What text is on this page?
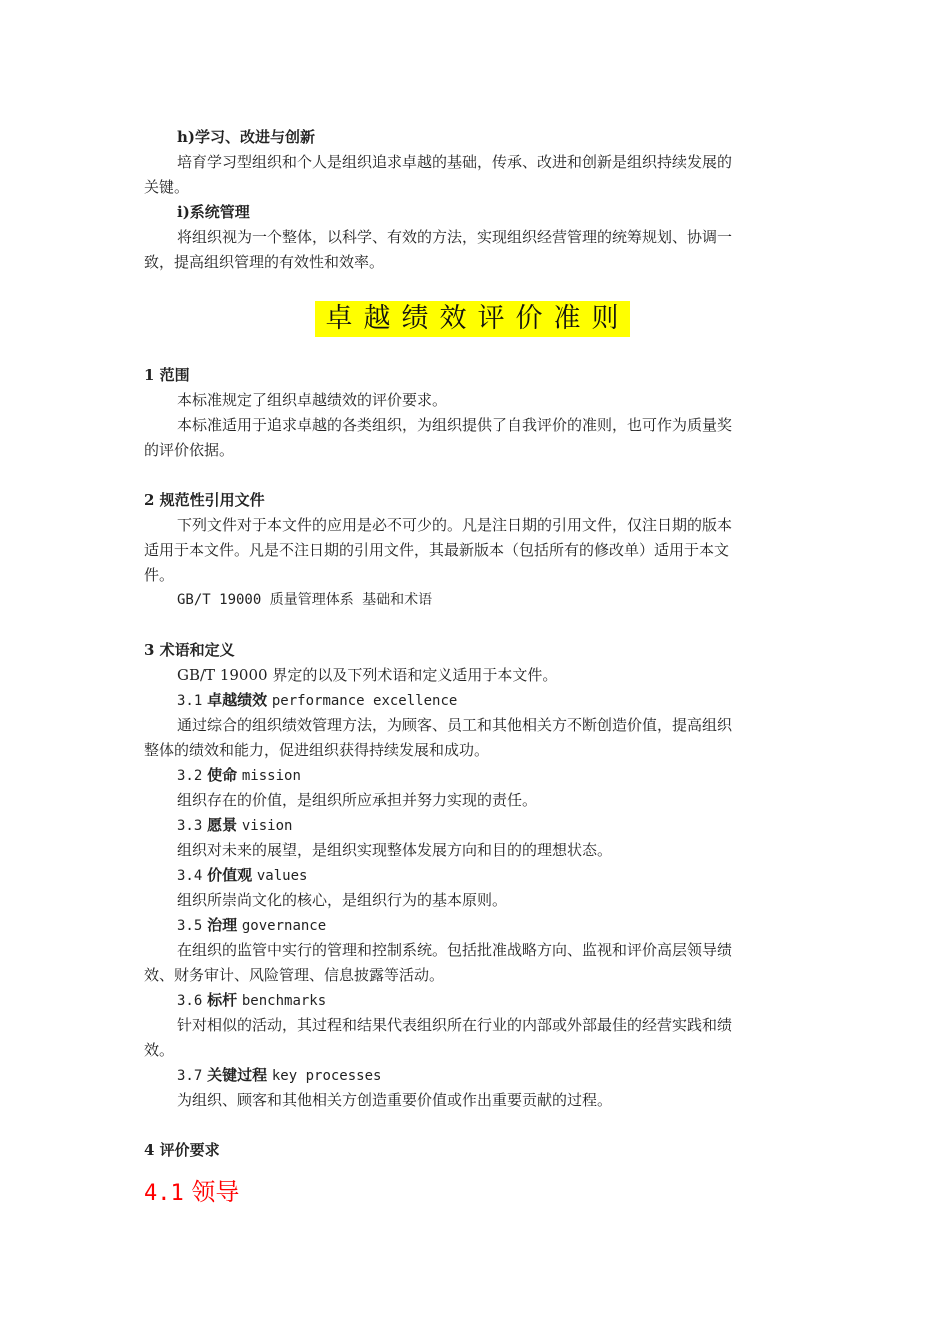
h)学习、改进与创新

培育学习型组织和个人是组织追求卓越的基础，传承、改进和创新是组织持续发展的

关键。

i)系统管理

将组织视为一个整体，以科学、有效的方法，实现组织经营管理的统筹规划、协调一

致，提高组织管理的有效性和效率。

卓越绩效评价准则

1 范围

本标准规定了组织卓越绩效的评价要求。

本标准适用于追求卓越的各类组织，为组织提供了自我评价的准则，也可作为质量奖

的评价依据。

2 规范性引用文件

下列文件对于本文件的应用是必不可少的。凡是注日期的引用文件，仅注日期的版本

适用于本文件。凡是不注日期的引用文件，其最新版本（包括所有的修改单）适用于本文

件。

GB/T 19000 质量管理体系 基础和术语

3 术语和定义

GB/T 19000 界定的以及下列术语和定义适用于本文件。

3.1 卓越绩效 performance excellence

通过综合的组织绩效管理方法，为顾客、员工和其他相关方不断创造价值，提高组织

整体的绩效和能力，促进组织获得持续发展和成功。

3.2 使命 mission

组织存在的价值，是组织所应承担并努力实现的责任。

3.3 愿景 vision

组织对未来的展望，是组织实现整体发展方向和目的的理想状态。

3.4 价值观 values

组织所崇尚文化的核心，是组织行为的基本原则。

3.5 治理 governance

在组织的监管中实行的管理和控制系统。包括批准战略方向、监视和评价高层领导绩

效、财务审计、风险管理、信息披露等活动。

3.6 标杆 benchmarks

针对相似的活动，其过程和结果代表组织所在行业的内部或外部最佳的经营实践和绩

效。

3.7 关键过程 key processes

为组织、顾客和其他相关方创造重要价值或作出重要贡献的过程。

4 评价要求

4.1 领导
